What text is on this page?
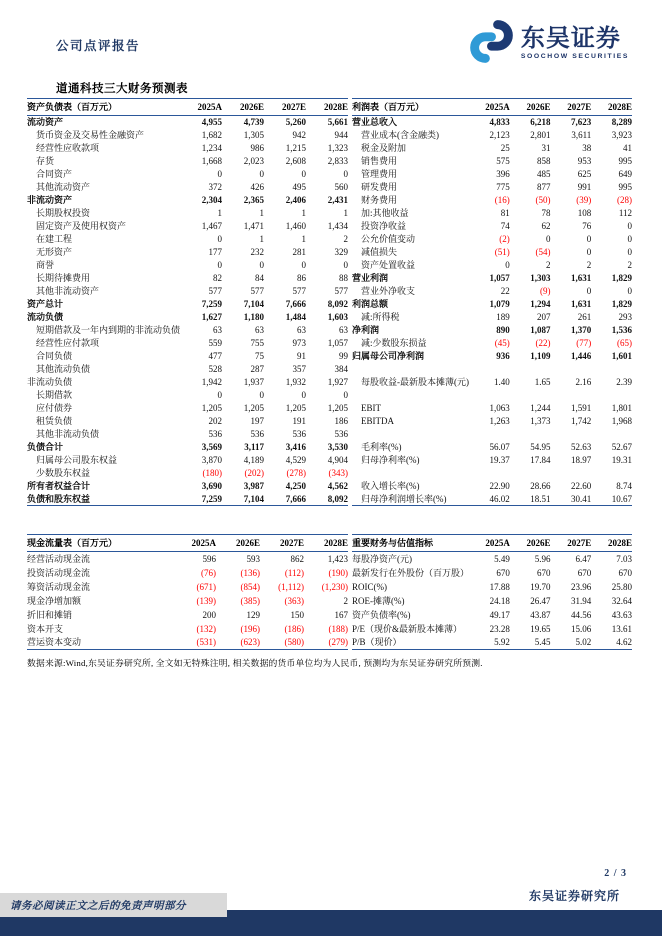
公司点评报告	东吴证券
SOOCHOW SECURITIES
道通科技三大财务预测表
资产负债表（百万元）	2025A	2026E	2027E	2028E
流动资产	4,955	4,739	5,260	5,661
货币资金及交易性金融资产	1,682	1,305	942	944
经营性应收款项	1,234	986	1,215	1,323
存货	1,668	2,023	2,608	2,833
合同资产	0	0	0	0
其他流动资产	372	426	495	560
非流动资产	2,304	2,365	2,406	2,431
长期股权投资	1	1	1	1
固定资产及使用权资产	1,467	1,471	1,460	1,434
在建工程	0	1	1	2
无形资产	177	232	281	329
商誉	0	0	0	0
长期待摊费用	82	84	86	88
其他非流动资产	577	577	577	577
资产总计	7,259	7,104	7,666	8,092
流动负债	1,627	1,180	1,484	1,603
短期借款及一年内到期的非流动负债	63	63	63	63
经营性应付款项	559	755	973	1,057
合同负债	477	75	91	99
其他流动负债	528	287	357	384
非流动负债	1,942	1,937	1,932	1,927
长期借款	0	0	0	0
应付债券	1,205	1,205	1,205	1,205
租赁负债	202	197	191	186
其他非流动负债	536	536	536	536
负债合计	3,569	3,117	3,416	3,530
归属母公司股东权益	3,870	4,189	4,529	4,904
少数股东权益	(180)	(202)	(278)	(343)
所有者权益合计	3,690	3,987	4,250	4,562
负债和股东权益	7,259	7,104	7,666	8,092
利润表（百万元）	2025A	2026E	2027E	2028E
营业总收入	4,833	6,218	7,623	8,289
营业成本(含金融类)	2,123	2,801	3,611	3,923
税金及附加	25	31	38	41
销售费用	575	858	953	995
管理费用	396	485	625	649
研发费用	775	877	991	995
财务费用	(16)	(50)	(39)	(28)
加:其他收益	81	78	108	112
投资净收益	74	62	76	0
公允价值变动	(2)	0	0	0
减值损失	(51)	(54)	0	0
资产处置收益	0	2	2	2
营业利润	1,057	1,303	1,631	1,829
营业外净收支	22	(9)	0	0
利润总额	1,079	1,294	1,631	1,829
减:所得税	189	207	261	293
净利润	890	1,087	1,370	1,536
减:少数股东损益	(45)	(22)	(77)	(65)
归属母公司净利润	936	1,109	1,446	1,601

每股收益-最新股本摊薄(元)	1.40	1.65	2.16	2.39

EBIT	1,063	1,244	1,591	1,801
EBITDA	1,263	1,373	1,742	1,968

毛利率(%)	56.07	54.95	52.63	52.67
归母净利率(%)	19.37	17.84	18.97	19.31

收入增长率(%)	22.90	28.66	22.60	8.74
归母净利润增长率(%)	46.02	18.51	30.41	10.67
现金流量表（百万元）	2025A	2026E	2027E	2028E
经营活动现金流	596	593	862	1,423
投资活动现金流	(76)	(136)	(112)	(190)
筹资活动现金流	(671)	(854)	(1,112)	(1,230)
现金净增加额	(139)	(385)	(363)	2
折旧和摊销	200	129	150	167
资本开支	(132)	(196)	(186)	(188)
营运资本变动	(531)	(623)	(580)	(279)
重要财务与估值指标	2025A	2026E	2027E	2028E
每股净资产(元)	5.49	5.96	6.47	7.03
最新发行在外股份（百万股）	670	670	670	670
ROIC(%)	17.88	19.70	23.96	25.80
ROE-摊薄(%)	24.18	26.47	31.94	32.64
资产负债率(%)	49.17	43.87	44.56	43.63
P/E（现价&最新股本摊薄）	23.28	19.65	15.06	13.61
P/B（现价）	5.92	5.45	5.02	4.62
数据来源:Wind,东吴证券研究所, 全文如无特殊注明, 相关数据的货币单位均为人民币, 预测均为东吴证券研究所预测.
2 / 3
东吴证券研究所
请务必阅读正文之后的免责声明部分
